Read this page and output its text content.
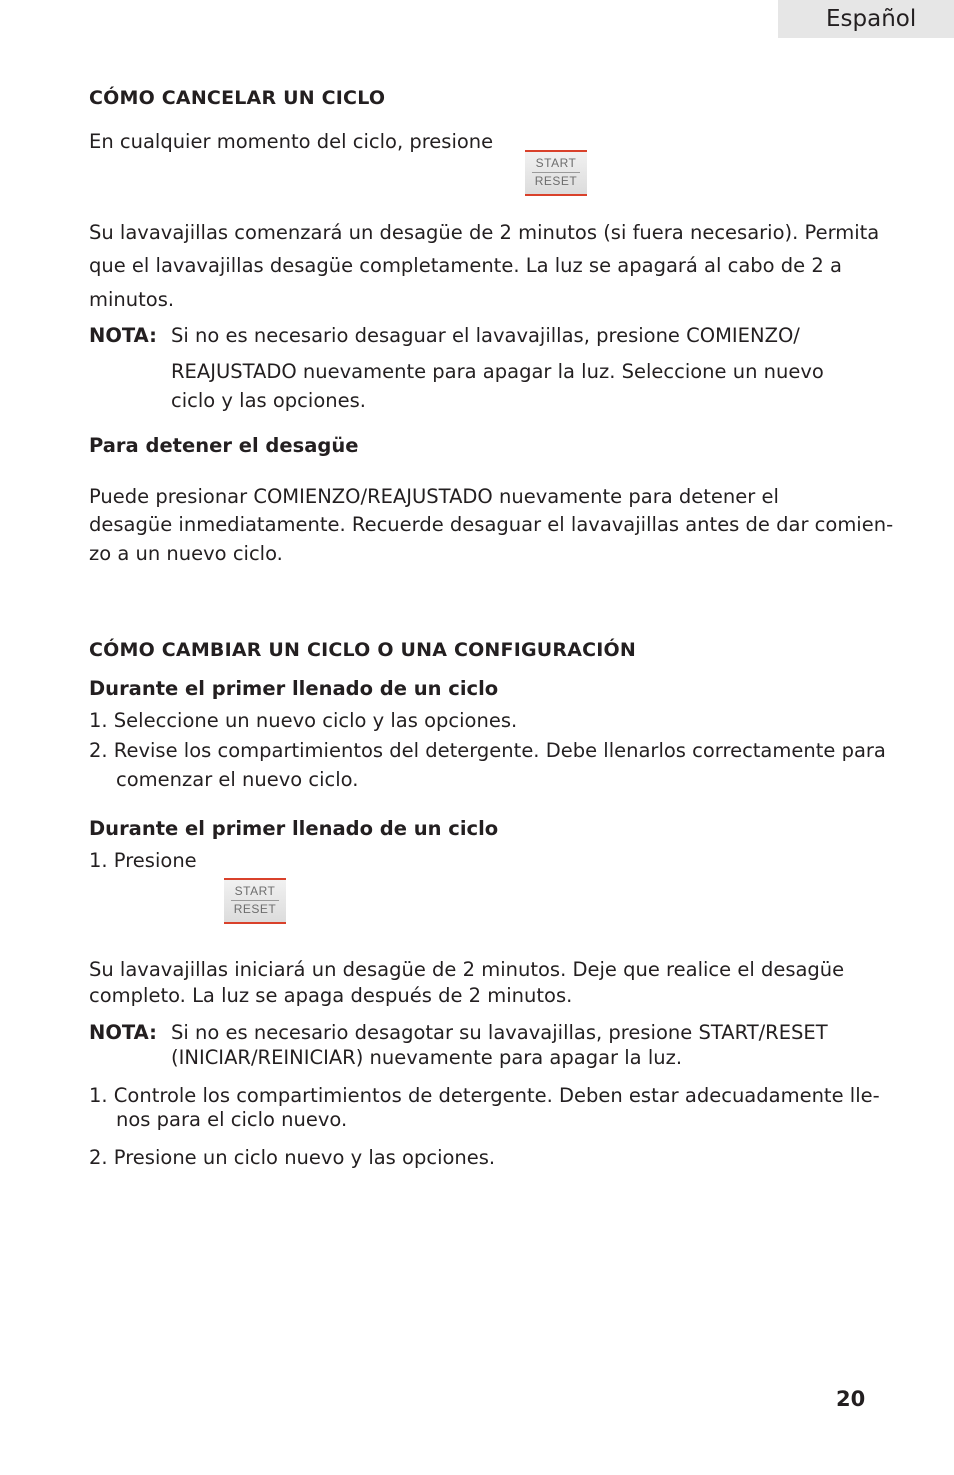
Español
CÓMO CANCELAR UN CICLO
En cualquier momento del ciclo, presione
START
RESET
Su lavavajillas comenzará un desagüe de 2 minutos (si fuera necesario). Permita
que el lavavajillas desagüe completamente. La luz se apagará al cabo de 2 a
minutos.
NOTA: Si no es necesario desaguar el lavavajillas, presione COMIENZO/
REAJUSTADO nuevamente para apagar la luz. Seleccione un nuevo
ciclo y las opciones.
Para detener el desagüe
Puede presionar COMIENZO/REAJUSTADO nuevamente para detener el
desagüe inmediatamente. Recuerde desaguar el lavavajillas antes de dar comien-
zo a un nuevo ciclo.
CÓMO CAMBIAR UN CICLO O UNA CONFIGURACIÓN
Durante el primer llenado de un ciclo
1. Seleccione un nuevo ciclo y las opciones.
2. Revise los compartimientos del detergente. Debe llenarlos correctamente para
comenzar el nuevo ciclo.
Durante el primer llenado de un ciclo
1. Presione
START
RESET
Su lavavajillas iniciará un desagüe de 2 minutos. Deje que realice el desagüe
completo. La luz se apaga después de 2 minutos.
NOTA: Si no es necesario desagotar su lavavajillas, presione START/RESET
(INICIAR/REINICIAR) nuevamente para apagar la luz.
1. Controle los compartimientos de detergente. Deben estar adecuadamente lle-
nos para el ciclo nuevo.
2. Presione un ciclo nuevo y las opciones.
20
